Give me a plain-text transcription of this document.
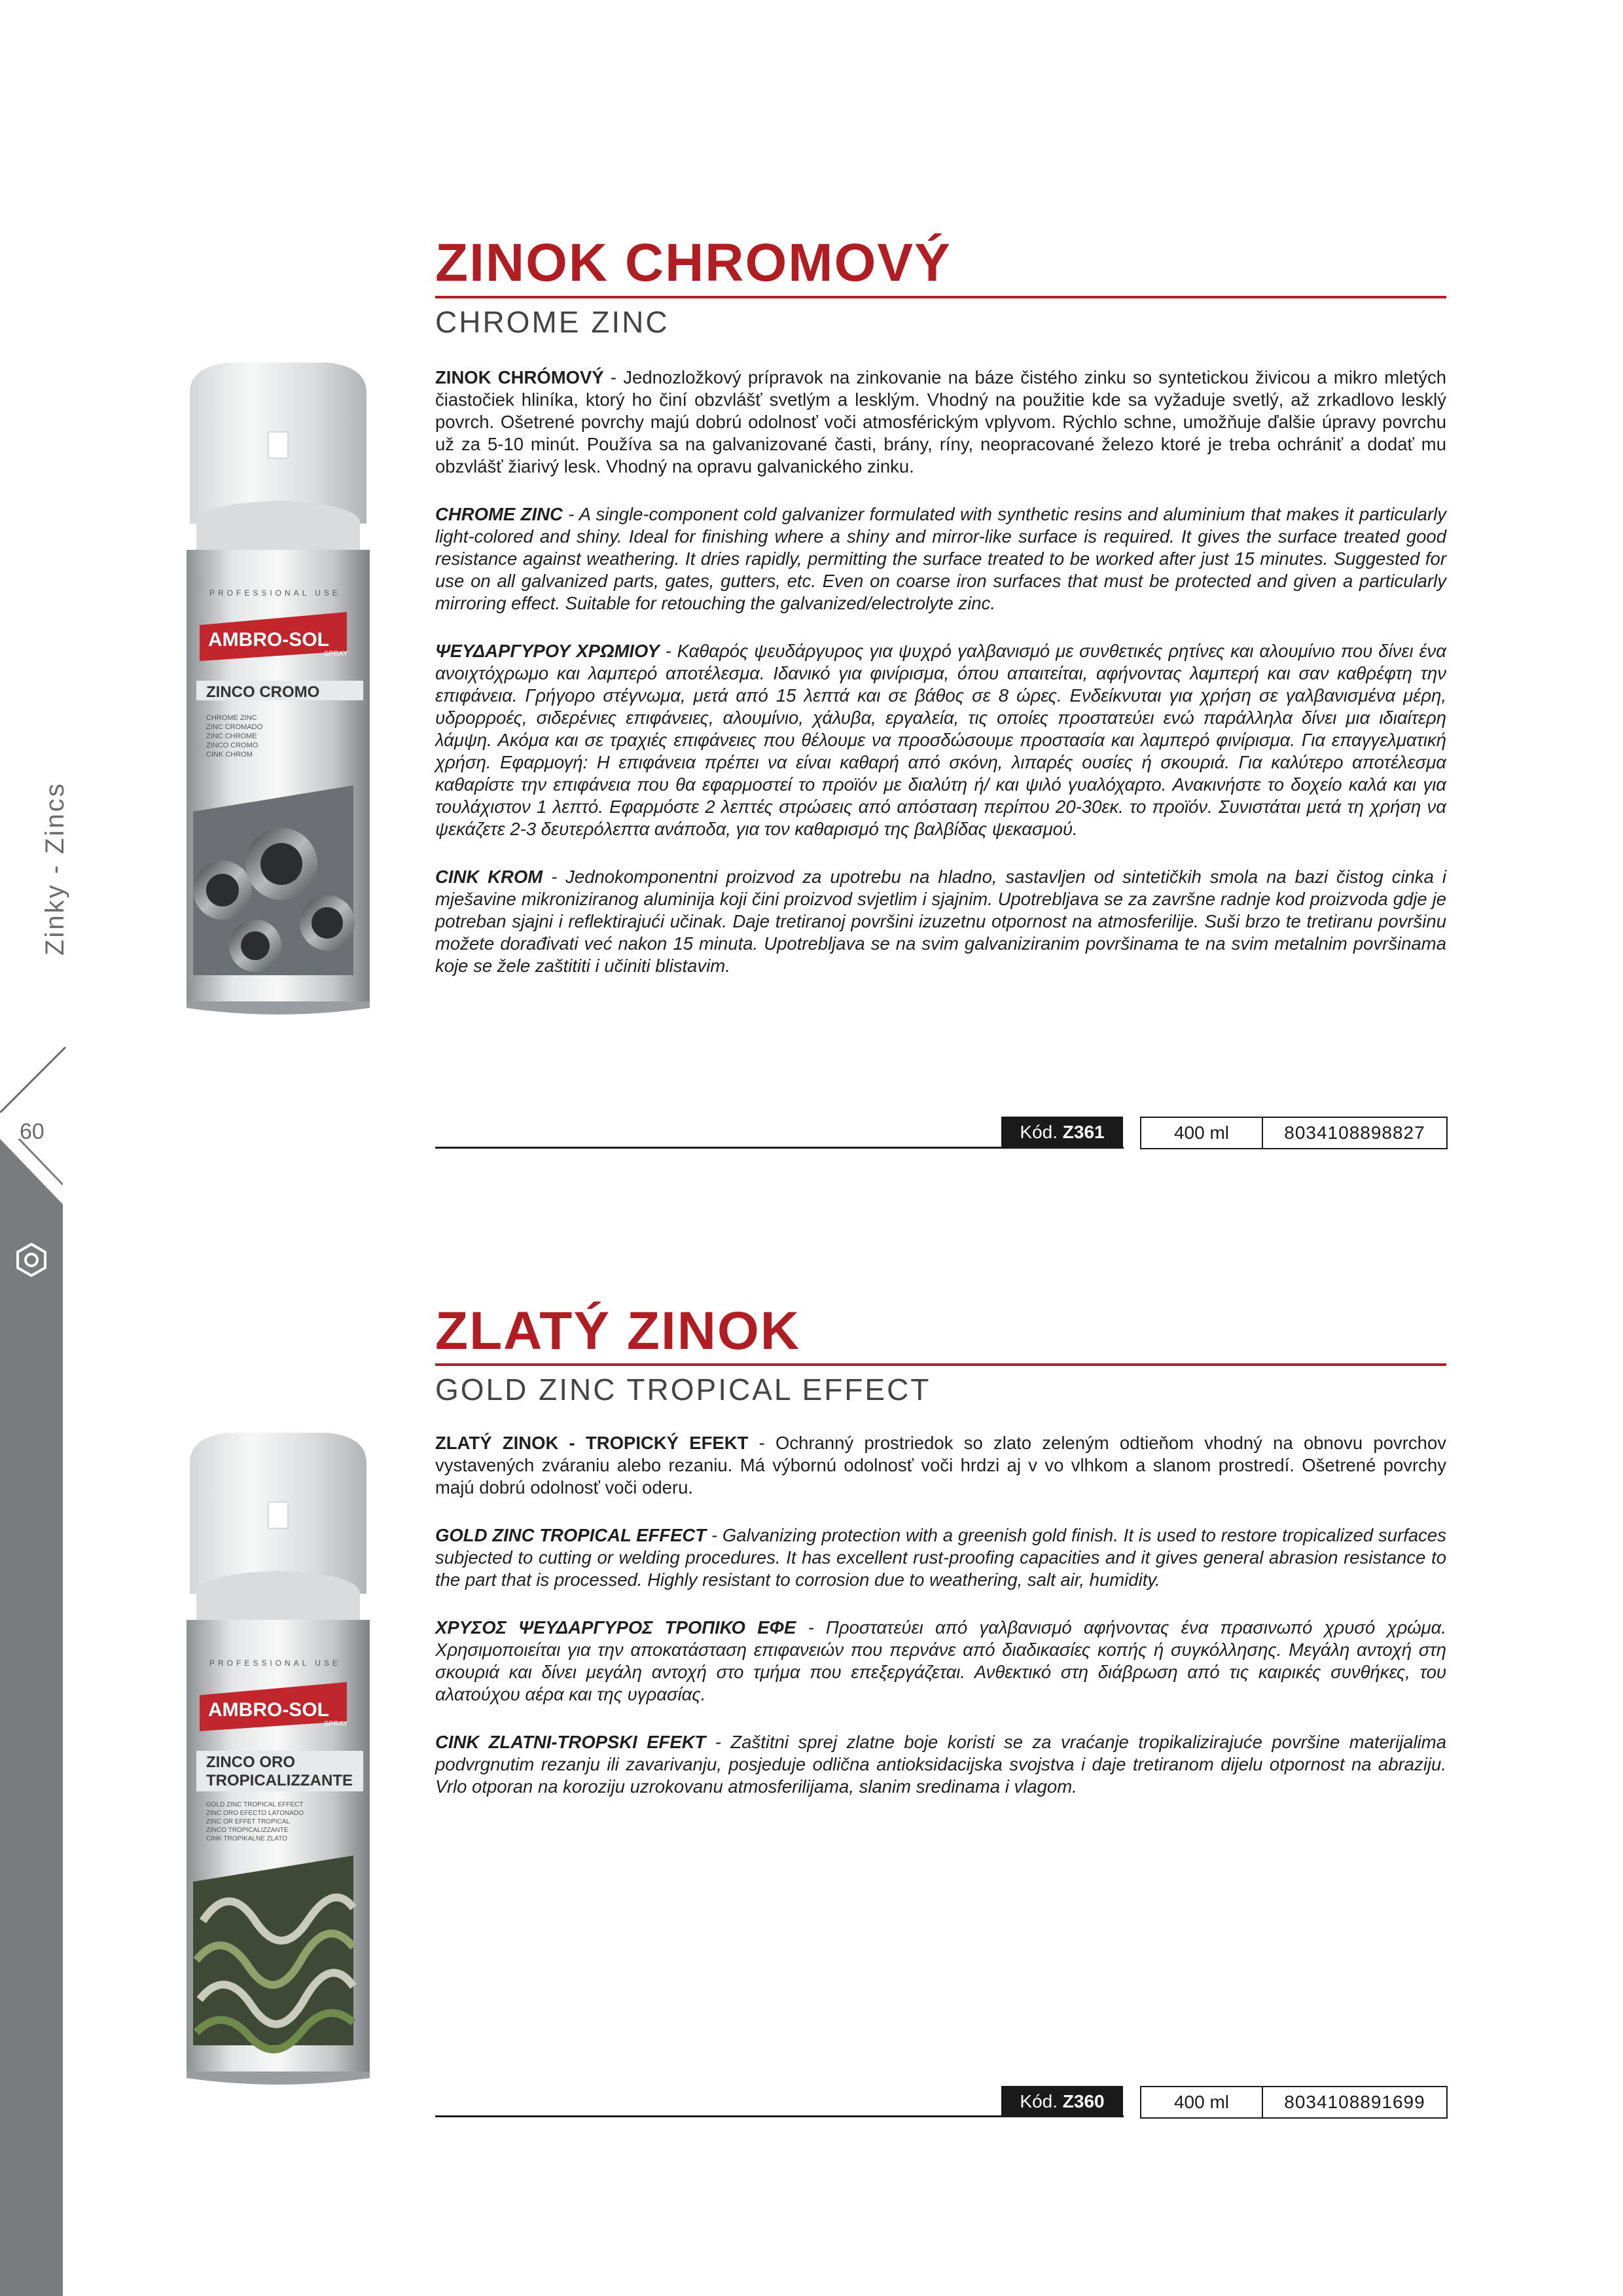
Zinky - Zincs
60
ZINOK CHROMOVÝ
CHROME ZINC
PROFESSIONAL USE
AMBRO-SOL
SPRAY
ZINCO CROMO
CHROME ZINC
ZINC CROMADO
ZINC CHROME
ZINCO CROMO
CINK CHROM

ZINOK CHRÓMOVÝ - Jednozložkový prípravok na zinkovanie na báze čistého zinku so syntetickou živicou a mikro mletých čiastočiek hliníka, ktorý ho činí obzvlášť svetlým a lesklým. Vhodný na použitie kde sa vyžaduje svetlý, až zrkadlovo lesklý povrch. Ošetrené povrchy majú dobrú odolnosť voči atmosférickým vplyvom. Rýchlo schne, umožňuje ďalšie úpravy povrchu už za 5-10 minút. Používa sa na galvanizované časti, brány, ríny, neopracované železo ktoré je treba ochrániť a dodať mu obzvlášť žiarivý lesk. Vhodný na opravu galvanického zinku.

CHROME ZINC - A single-component cold galvanizer formulated with synthetic resins and aluminium that makes it particularly light-colored and shiny. Ideal for finishing where a shiny and mirror-like surface is required. It gives the surface treated good resistance against weathering. It dries rapidly, permitting the surface treated to be worked after just 15 minutes. Suggested for use on all galvanized parts, gates, gutters, etc. Even on coarse iron surfaces that must be protected and given a particularly mirroring effect. Suitable for retouching the galvanized/electrolyte zinc.

ΨΕΥΔΑΡΓΥΡΟΥ ΧΡΩΜΙΟΥ - Καθαρός ψευδάργυρος για ψυχρό γαλβανισμό με συνθετικές ρητίνες και αλουμίνιο που δίνει ένα ανοιχτόχρωμο και λαμπερό αποτέλεσμα. Ιδανικό για φινίρισμα, όπου απαιτείται, αφήνοντας λαμπερή και σαν καθρέφτη την επιφάνεια. Γρήγορο στέγνωμα, μετά από 15 λεπτά και σε βάθος σε 8 ώρες. Ενδείκνυται για χρήση σε γαλβανισμένα μέρη, υδρορροές, σιδερένιες επιφάνειες, αλουμίνιο, χάλυβα, εργαλεία, τις οποίες προστατεύει ενώ παράλληλα δίνει μια ιδιαίτερη λάμψη. Ακόμα και σε τραχιές επιφάνειες που θέλουμε να προσδώσουμε προστασία και λαμπερό φινίρισμα. Για επαγγελματική χρήση. Εφαρμογή: Η επιφάνεια πρέπει να είναι καθαρή από σκόνη, λιπαρές ουσίες ή σκουριά. Για καλύτερο αποτέλεσμα καθαρίστε την επιφάνεια που θα εφαρμοστεί το προϊόν με διαλύτη ή/ και ψιλό γυαλόχαρτο. Ανακινήστε το δοχείο καλά και για τουλάχιστον 1 λεπτό. Εφαρμόστε 2 λεπτές στρώσεις από απόσταση περίπου 20-30εκ. το προϊόν. Συνιστάται μετά τη χρήση να ψεκάζετε 2-3 δευτερόλεπτα ανάποδα, για τον καθαρισμό της βαλβίδας ψεκασμού.

CINK KROM - Jednokomponentni proizvod za upotrebu na hladno, sastavljen od sintetičkih smola na bazi čistog cinka i mješavine mikroniziranog aluminija koji čini proizvod svjetlim i sjajnim. Upotrebljava se za završne radnje kod proizvoda gdje je potreban sjajni i reflektirajući učinak. Daje tretiranoj površini izuzetnu otpornost na atmosferilije. Suši brzo te tretiranu površinu možete dorađivati već nakon 15 minuta. Upotrebljava se na svim galvaniziranim površinama te na svim metalnim površinama koje se žele zaštititi i učiniti blistavim.

Kód. Z361	400 ml	8034108898827
ZLATÝ ZINOK
GOLD ZINC TROPICAL EFFECT
PROFESSIONAL USE
AMBRO-SOL
SPRAY
ZINCO ORO
TROPICALIZZANTE
GOLD ZINC TROPICAL EFFECT
ZINC ORO EFECTO LATONADO
ZINC OR EFFET TROPICAL
ZINCO TROPICALIZZANTE
CINK TROPIKALNE ZLATO

ZLATÝ ZINOK - TROPICKÝ EFEKT - Ochranný prostriedok so zlato zeleným odtieňom vhodný na obnovu povrchov vystavených zváraniu alebo rezaniu. Má výbornú odolnosť voči hrdzi aj v vo vlhkom a slanom prostredí. Ošetrené povrchy majú dobrú odolnosť voči oderu.

GOLD ZINC TROPICAL EFFECT - Galvanizing protection with a greenish gold finish. It is used to restore tropicalized surfaces subjected to cutting or welding procedures. It has excellent rust-proofing capacities and it gives general abrasion resistance to the part that is processed. Highly resistant to corrosion due to weathering, salt air, humidity.

ΧΡΥΣΟΣ ΨΕΥΔΑΡΓΥΡΟΣ ΤΡΟΠΙΚΟ ΕΦΕ - Προστατεύει από γαλβανισμό αφήνοντας ένα πρασινωπό χρυσό χρώμα. Χρησιμοποιείται για την αποκατάσταση επιφανειών που περνάνε από διαδικασίες κοπής ή συγκόλλησης. Μεγάλη αντοχή στη σκουριά και δίνει μεγάλη αντοχή στο τμήμα που επεξεργάζεται. Ανθεκτικό στη διάβρωση από τις καιρικές συνθήκες, του αλατούχου αέρα και της υγρασίας.

CINK ZLATNI-TROPSKI EFEKT - Zaštitni sprej zlatne boje koristi se za vraćanje tropikalizirajuće površine materijalima podvrgnutim rezanju ili zavarivanju, posjeduje odlična antioksidacijska svojstva i daje tretiranom dijelu otpornost na abraziju. Vrlo otporan na koroziju uzrokovanu atmosferilijama, slanim sredinama i vlagom.

Kód. Z360	400 ml	8034108891699
